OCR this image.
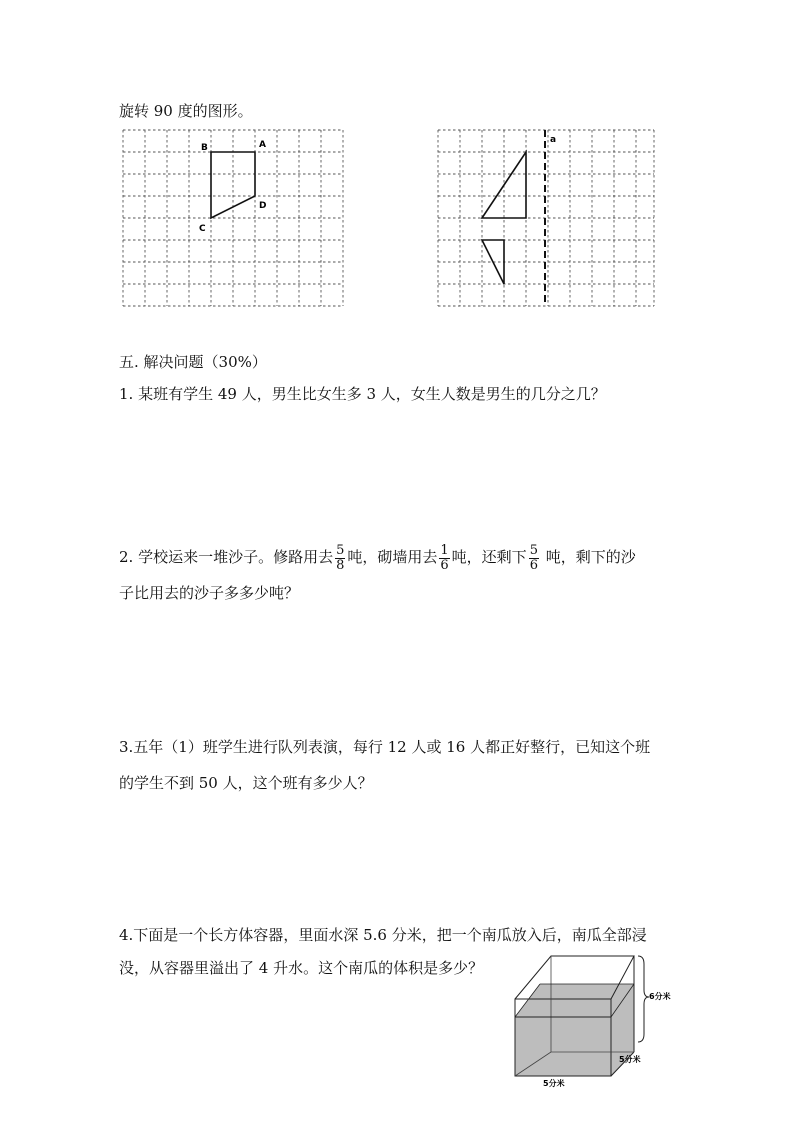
旋转 90 度的图形。
B	A
C
D
a
五. 解决问题（30%）
1. 某班有学生 49 人，男生比女生多 3 人，女生人数是男生的几分之几？
2. 学校运来一堆沙子。修路用去 $\frac{5}{8}$ 吨，砌墙用去 $\frac{1}{6}$ 吨，还剩下 $\frac{5}{6}$ 吨，剩下的沙
子比用去的沙子多多少吨？
3.五年（1）班学生进行队列表演，每行 12 人或 16 人都正好整行，已知这个班
的学生不到 50 人，这个班有多少人？
4.下面是一个长方体容器，里面水深 5.6 分米，把一个南瓜放入后，南瓜全部浸
没，从容器里溢出了 4 升水。这个南瓜的体积是多少？
6分米
5分米
5分米
